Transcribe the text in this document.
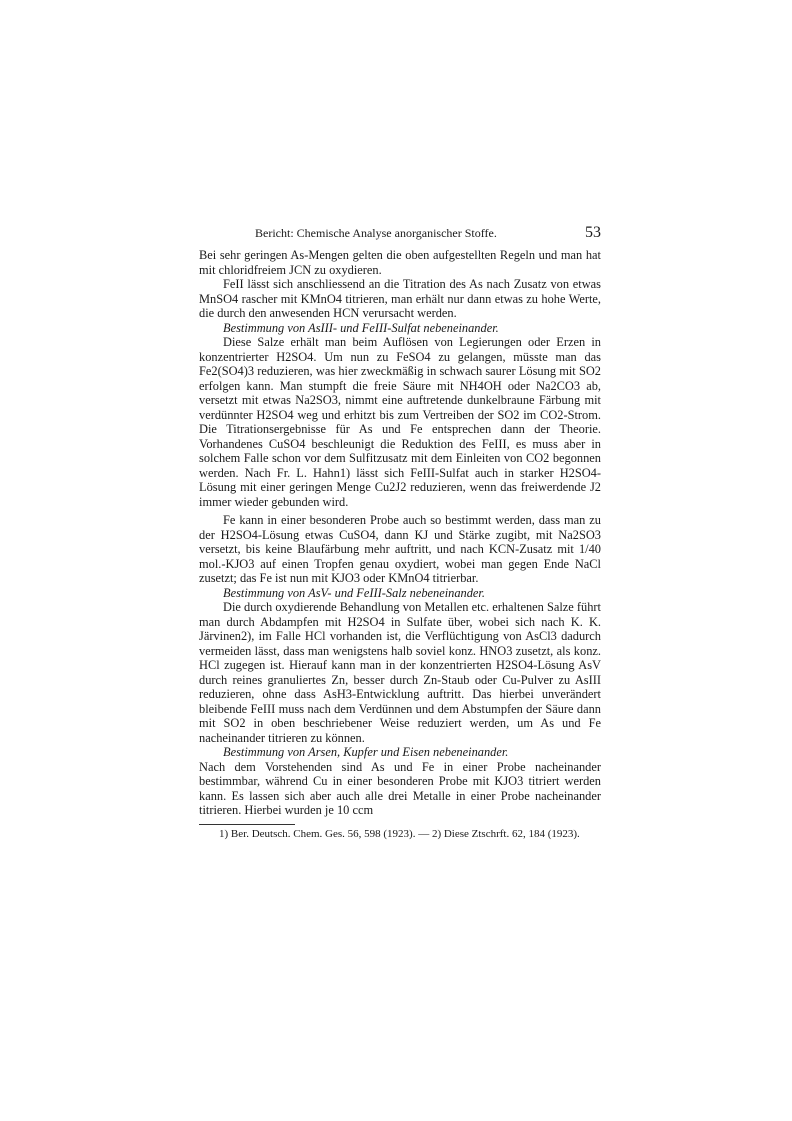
Bericht: Chemische Analyse anorganischer Stoffe.	53

Bei sehr geringen As-Mengen gelten die oben aufgestellten Regeln und man hat mit chloridfreiem JCN zu oxydieren.

FeII lässt sich anschliessend an die Titration des As nach Zusatz von etwas MnSO4 rascher mit KMnO4 titrieren, man erhält nur dann etwas zu hohe Werte, die durch den anwesenden HCN verursacht werden.

Bestimmung von AsIII- und FeIII-Sulfat nebeneinander.

Diese Salze erhält man beim Auflösen von Legierungen oder Erzen in konzentrierter H2SO4. Um nun zu FeSO4 zu gelangen, müsste man das Fe2(SO4)3 reduzieren, was hier zweckmäßig in schwach saurer Lösung mit SO2 erfolgen kann. Man stumpft die freie Säure mit NH4OH oder Na2CO3 ab, versetzt mit etwas Na2SO3, nimmt eine auftretende dunkelbraune Färbung mit verdünnter H2SO4 weg und erhitzt bis zum Vertreiben der SO2 im CO2-Strom. Die Titrationsergebnisse für As und Fe entsprechen dann der Theorie. Vorhandenes CuSO4 beschleunigt die Reduktion des FeIII, es muss aber in solchem Falle schon vor dem Sulfitzusatz mit dem Einleiten von CO2 begonnen werden. Nach Fr. L. Hahn1) lässt sich FeIII-Sulfat auch in starker H2SO4-Lösung mit einer geringen Menge Cu2J2 reduzieren, wenn das freiwerdende J2 immer wieder gebunden wird.

Fe kann in einer besonderen Probe auch so bestimmt werden, dass man zu der H2SO4-Lösung etwas CuSO4, dann KJ und Stärke zugibt, mit Na2SO3 versetzt, bis keine Blaufärbung mehr auftritt, und nach KCN-Zusatz mit 1/40 mol.-KJO3 auf einen Tropfen genau oxydiert, wobei man gegen Ende NaCl zusetzt; das Fe ist nun mit KJO3 oder KMnO4 titrierbar.

Bestimmung von AsV- und FeIII-Salz nebeneinander.

Die durch oxydierende Behandlung von Metallen etc. erhaltenen Salze führt man durch Abdampfen mit H2SO4 in Sulfate über, wobei sich nach K. K. Järvinen2), im Falle HCl vorhanden ist, die Verflüchtigung von AsCl3 dadurch vermeiden lässt, dass man wenigstens halb soviel konz. HNO3 zusetzt, als konz. HCl zugegen ist. Hierauf kann man in der konzentrierten H2SO4-Lösung AsV durch reines granuliertes Zn, besser durch Zn-Staub oder Cu-Pulver zu AsIII reduzieren, ohne dass AsH3-Entwicklung auftritt. Das hierbei unverändert bleibende FeIII muss nach dem Verdünnen und dem Abstumpfen der Säure dann mit SO2 in oben beschriebener Weise reduziert werden, um As und Fe nacheinander titrieren zu können.

Bestimmung von Arsen, Kupfer und Eisen nebeneinander.

Nach dem Vorstehenden sind As und Fe in einer Probe nacheinander bestimmbar, während Cu in einer besonderen Probe mit KJO3 titriert werden kann. Es lassen sich aber auch alle drei Metalle in einer Probe nacheinander titrieren. Hierbei wurden je 10 ccm

1) Ber. Deutsch. Chem. Ges. 56, 598 (1923). — 2) Diese Ztschrft. 62, 184 (1923).
